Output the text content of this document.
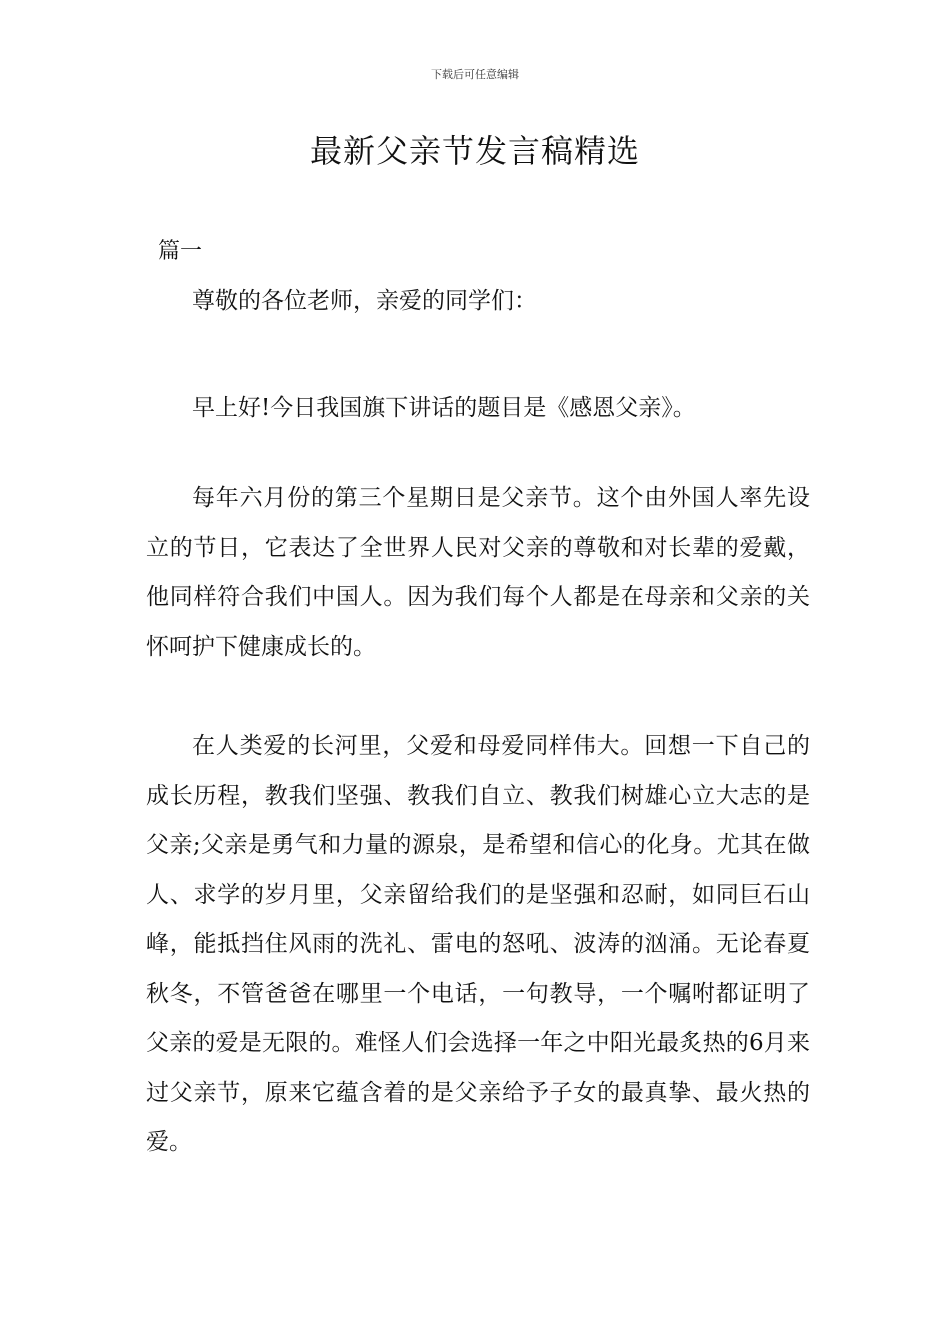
下载后可任意编辑
最新父亲节发言稿精选

篇一

尊敬的各位老师，亲爱的同学们：

早上好!今日我国旗下讲话的题目是《感恩父亲》。

每年六月份的第三个星期日是父亲节。这个由外国人率先设立的节日，它表达了全世界人民对父亲的尊敬和对长辈的爱戴，他同样符合我们中国人。因为我们每个人都是在母亲和父亲的关怀呵护下健康成长的。

在人类爱的长河里，父爱和母爱同样伟大。回想一下自己的成长历程，教我们坚强、教我们自立、教我们树雄心立大志的是父亲;父亲是勇气和力量的源泉，是希望和信心的化身。尤其在做人、求学的岁月里，父亲留给我们的是坚强和忍耐，如同巨石山峰，能抵挡住风雨的洗礼、雷电的怒吼、波涛的汹涌。无论春夏秋冬，不管爸爸在哪里一个电话，一句教导，一个嘱咐都证明了父亲的爱是无限的。难怪人们会选择一年之中阳光最炙热的6月来过父亲节，原来它蕴含着的是父亲给予子女的最真挚、最火热的爱。
